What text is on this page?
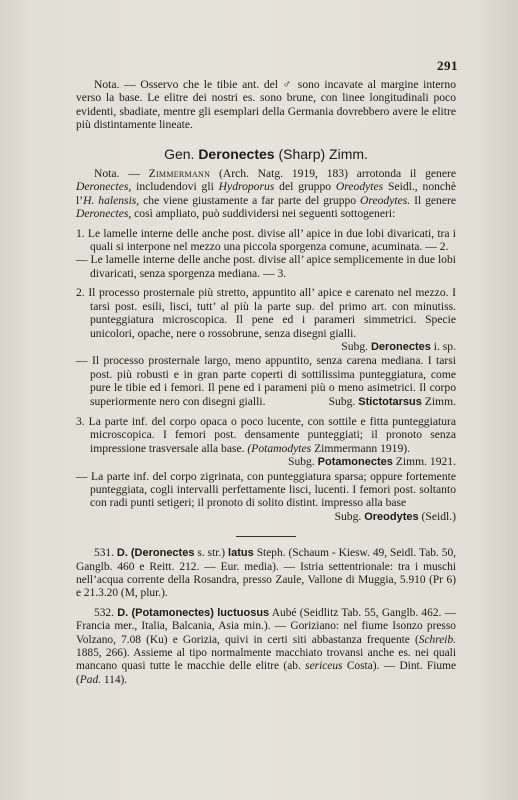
291

Nota. — Osservo che le tibie ant. del ♂ sono incavate al margine interno verso la base. Le elitre dei nostri es. sono brune, con linee longitudinali poco evidenti, sbadiate, mentre gli esemplari della Germania dovrebbero avere le elitre più distintamente lineate.

Gen. Deronectes (Sharp) Zimm.

Nota. — Zimmermann (Arch. Natg. 1919, 183) arrotonda il genere Deronectes, includendovi gli Hydroporus del gruppo Oreodytes Seidl., nonchè l’H. halensis, che viene giustamente a far parte del gruppo Oreodytes. Il genere Deronectes, così ampliato, può suddividersi nei seguenti sottogeneri:

1. Le lamelle interne delle anche post. divise all’ apice in due lobi divaricati, tra i quali si interpone nel mezzo una piccola sporgenza comune, acuminata. — 2.

— Le lamelle interne delle anche post. divise all’ apice semplicemente in due lobi divaricati, senza sporgenza mediana. — 3.

2. Il processo prosternale più stretto, appuntito all’ apice e carenato nel mezzo. I tarsi post. esili, lisci, tutt’ al più la parte sup. del primo art. con minutiss. punteggiatura microscopica. Il pene ed i parameri simmetrici. Specie unicolori, opache, nere o rossobrune, senza disegni gialli.
Subg. Deronectes i. sp.

— Il processo prosternale largo, meno appuntito, senza carena mediana. I tarsi post. più robusti e in gran parte coperti di sottilissima punteggiatura, come pure le tibie ed i femori. Il pene ed i parameni più o meno asimetrici. Il corpo superiormente nero con disegni gialli.	Subg. Stictotarsus Zimm.

3. La parte inf. del corpo opaca o poco lucente, con sottile e fitta punteggiatura microscopica. I femori post. densamente punteggiati; il pronoto senza impressione trasversale alla base. (Potamodytes Zimmermann 1919).
Subg. Potamonectes Zimm. 1921.

— La parte inf. del corpo zigrinata, con punteggiatura sparsa; oppure fortemente punteggiata, cogli intervalli perfettamente lisci, lucenti. I femori post. soltanto con radi punti setigeri; il pronoto di solito distint. impresso alla base
Subg. Oreodytes (Seidl.)

531. D. (Deronectes s. str.) latus Steph. (Schaum - Kiesw. 49, Seidl. Tab. 50, Ganglb. 460 e Reitt. 212. — Eur. media). — Istria settentrionale: tra i muschi nell’acqua corrente della Rosandra, presso Zaule, Vallone di Muggia, 5.910 (Pr 6) e 21.3.20 (M, plur.).

532. D. (Potamonectes) luctuosus Aubé (Seidlitz Tab. 55, Ganglb. 462. — Francia mer., Italia, Balcania, Asia min.). — Goriziano: nel fiume Isonzo presso Volzano, 7.08 (Ku) e Gorizia, quivi in certi siti abbastanza frequente (Schreib. 1885, 266). Assieme al tipo normalmente macchiato trovansi anche es. nei quali mancano quasi tutte le macchie delle elitre (ab. sericeus Costa). — Dint. Fiume (Pad. 114).
